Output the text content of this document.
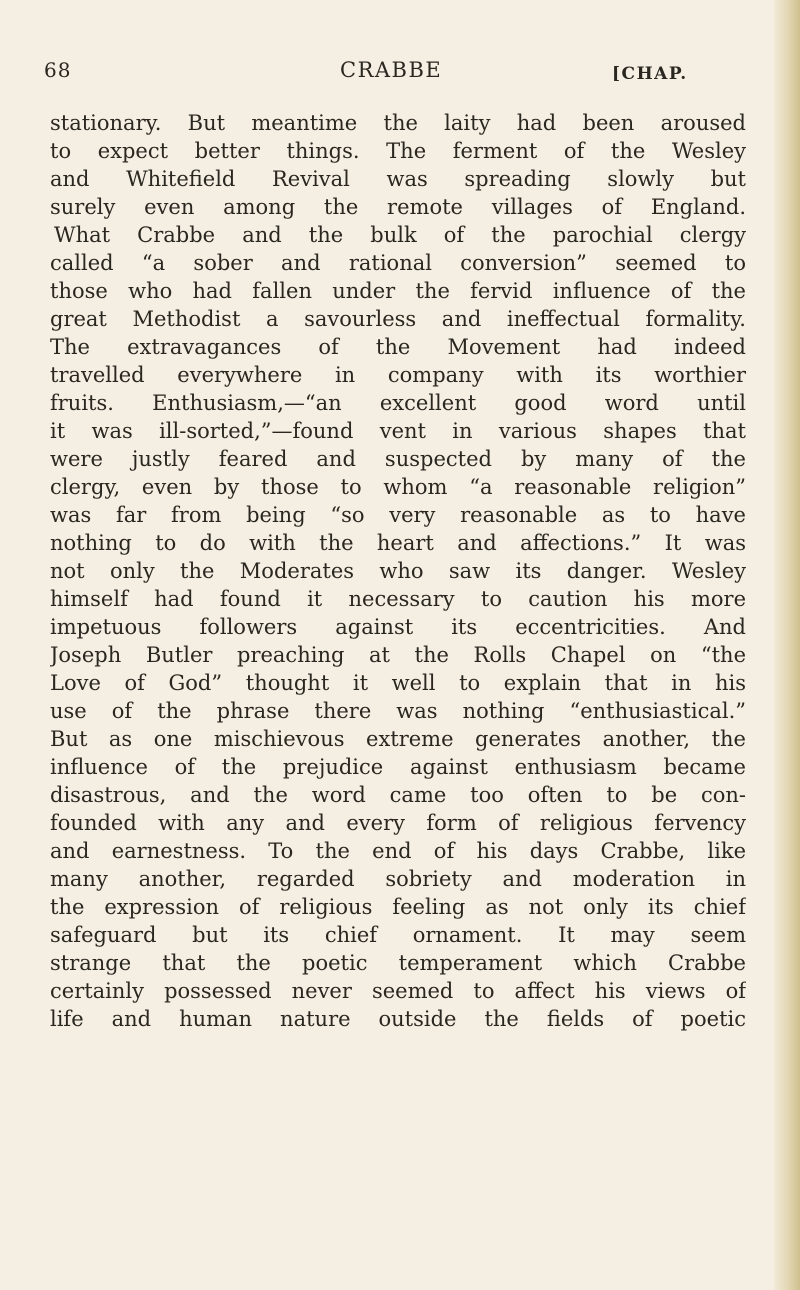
68	CRABBE	[CHAP.
stationary. But meantime the laity had been aroused
to expect better things. The ferment of the Wesley
and Whitefield Revival was spreading slowly but
surely even among the remote villages of England.
What Crabbe and the bulk of the parochial clergy
called “a sober and rational conversion” seemed to
those who had fallen under the fervid influence of the
great Methodist a savourless and ineffectual formality.
The extravagances of the Movement had indeed
travelled everywhere in company with its worthier
fruits. Enthusiasm,—“an excellent good word until
it was ill-sorted,”—found vent in various shapes that
were justly feared and suspected by many of the
clergy, even by those to whom “a reasonable religion”
was far from being “so very reasonable as to have
nothing to do with the heart and affections.” It was
not only the Moderates who saw its danger. Wesley
himself had found it necessary to caution his more
impetuous followers against its eccentricities. And
Joseph Butler preaching at the Rolls Chapel on “the
Love of God” thought it well to explain that in his
use of the phrase there was nothing “enthusiastical.”
But as one mischievous extreme generates another, the
influence of the prejudice against enthusiasm became
disastrous, and the word came too often to be con-
founded with any and every form of religious fervency
and earnestness. To the end of his days Crabbe, like
many another, regarded sobriety and moderation in
the expression of religious feeling as not only its chief
safeguard but its chief ornament. It may seem
strange that the poetic temperament which Crabbe
certainly possessed never seemed to affect his views of
life and human nature outside the fields of poetic
